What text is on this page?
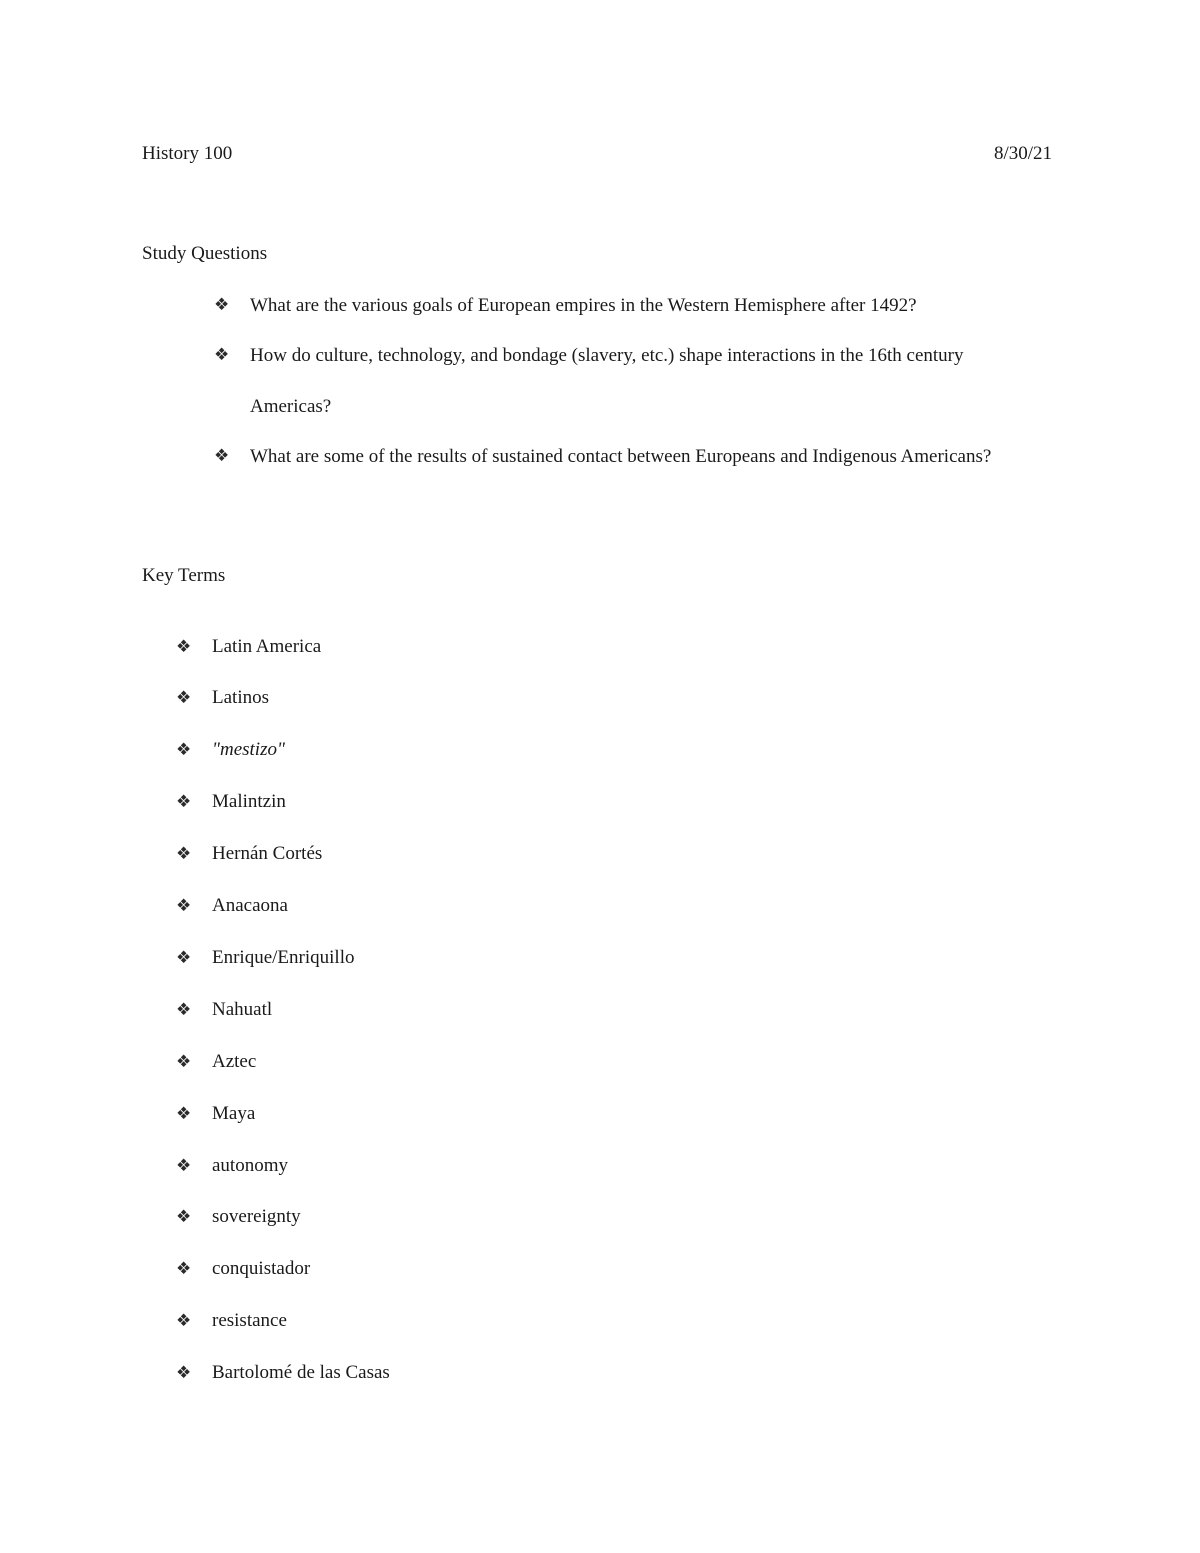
History 100	8/30/21

Study Questions

❖ What are the various goals of European empires in the Western Hemisphere after 1492?
❖ How do culture, technology, and bondage (slavery, etc.) shape interactions in the 16th century Americas?
❖ What are some of the results of sustained contact between Europeans and Indigenous Americans?

Key Terms

❖ Latin America
❖ Latinos
❖ "mestizo"
❖ Malintzin
❖ Hernán Cortés
❖ Anacaona
❖ Enrique/Enriquillo
❖ Nahuatl
❖ Aztec
❖ Maya
❖ autonomy
❖ sovereignty
❖ conquistador
❖ resistance
❖ Bartolomé de las Casas
